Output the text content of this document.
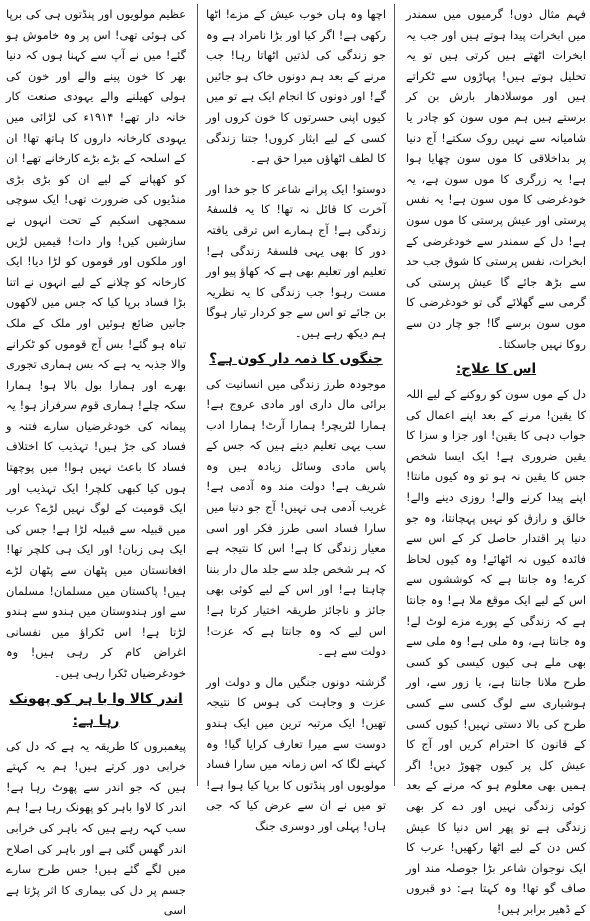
فہم مثال دوں! گرمیوں میں سمندر میں ابخرات پیدا ہوتے ہیں اور جب یہ ابخرات اٹھتے ہیں کرتی ہیں تو یہ تحلیل ہوتے ہیں! پہاڑوں سے ٹکراتے ہیں اور موسلادھار بارش بن کر برستے ہیں ہم موں سون کو چادر یا شامیانہ سے نہیں روک سکتے! آج دنیا پر بداخلاقی کا موں سون چھایا ہوا ہے! یہ زرگری کا موں سون ہے، یہ خودغرضی کا موں سون ہے! یہ نفس پرستی اور عیش پرستی کا موں سون ہے! دل کے سمندر سے خودغرضی کے ابخرات، نفس پرستی کا شوق جب حد سے بڑھ جائے گا عیش پرستی کی گرمی سے گھلائے گی تو خودغرضی کا موں سون برسے گا! جو چار دن سے روکا نہیں جاسکتا۔

اس کا علاج:

دل کے موں سون کو روکنے کے لیے اللہ کا یقین! مرنے کے بعد اپنے اعمال کی جواب دہی کا یقین! اور جزا و سزا کا یقین ضروری ہے! ایک ایسا شخص جس کا یقین نہ ہو تو وہ کیوں مانتا! اپنے پیدا کرنے والے! روزی دینے والے! خالق و رازق کو نہیں پہچانتا، وہ جو دنیا پر اقتدار حاصل کر کے اس سے فائدہ کیوں نہ اٹھائے! وہ کیوں لحاظ کرے! وہ جانتا ہے کہ کوششوں سے اس کے لیے ایک موقع ملا ہے! وہ جانتا ہے کہ زندگی کے پورے مزے لوٹ لے! وہ جانتا ہے، وہ ملی ہے! وہ ملی سے بھی ملے ہی کیوں کیسی کو کسی طرح ملانا جانتا ہے، یا زور سے، اور ہوشیاری سے لوگ کسی سے کسی طرح کی بالا دستی نہیں! کیوں کسی کے قانون کا احترام کریں اور آج کا عیش کل پر کیوں چھوڑ دیں! اگر ہمیں بھی معلوم ہو کہ مرنے کے بعد کوئی زندگی نہیں اور دے کر بھی زندگی ہے تو پھر اس دنیا کا عیش کس دن کے لیے اٹھا رکھیں! عرب کا ایک نوجوان شاعر بڑا جوصلہ مند اور صاف گو تھا! وہ کہتا ہے: دو قبروں کے ڈھیر برابر ہیں!

اچھا وہ ہاں خوب عیش کے مزے! اٹھا رکھی ہے! اگر کیا اور بڑا نامراد ہے وہ جو زندگی کی لذتیں اٹھاتا رہا! جب مرنے کے بعد ہم دونوں خاک ہو جائیں گے! اور دونوں کا انجام ایک ہے تو میں کیوں اپنی حسرتوں کا خون کروں اور کسی کے لیے ایثار کروں! جتنا زندگی کا لطف اٹھاؤں میرا حق ہے۔

دوستو! ایک پرانے شاعر کا جو خدا اور آخرت کا قائل نہ تھا! کا یہ فلسفۂ زندگی ہے! آج ہمارے اس ترقی یافتہ دور کا بھی یہی فلسفۂ زندگی ہے! تعلیم اور تعلیم بھی ہے کہ کھاؤ پیو اور مست رہو! جب زندگی کا یہ نظریہ بن جائے تو اس سے جو کردار تیار ہوگا ہم دیکھ رہے ہیں۔

جنگوں کا ذمہ دار کون ہے؟

موجودہ طرز زندگی میں انسانیت کی برائی مال داری اور مادی عروج ہے! ہمارا لٹریچر! ہمارا آرٹ! ہمارا ادب سب یہی تعلیم دیتے ہیں کہ جس کے پاس مادی وسائل زیادہ ہیں وہ شریف ہے! دولت مند وہ آدمی ہے! غریب آدمی ہی نہیں! آج جو دنیا میں سارا فساد اسی طرز فکر اور اسی معیار زندگی کا ہے! اس کا نتیجہ ہے کہ ہر شخص جلد سے جلد مال دار بننا چاہتا ہے! اور اس کے لیے کوئی بھی جائز و ناجائز طریقہ اختیار کرتا ہے! اس لیے کہ وہ جانتا ہے کہ عزت! دولت سے ہے۔

گزشتہ دونوں جنگیں مال و دولت اور عزت و وجاہت کی ہوس کا نتیجہ تھیں! ایک مرتبہ ترین میں ایک ہندو دوست سے میرا تعارف کرایا گیا! وہ کہنے لگا کہ اس زمانہ میں سارا فساد مولویوں اور پنڈتوں کا برپا کیا ہوا ہے! تو میں نے ان سے عرض کیا کہ جی ہاں! پہلی اور دوسری جنگ

عظیم مولویوں اور پنڈتوں ہی کی برپا کی ہوئی تھی! اس پر وہ خاموش ہو گئے! میں نے آپ سے کہنا ہوں کہ دنیا بھر کا خون پینے والے اور خون کی ہولی کھیلنے والے یہودی صنعت کار خانہ دار تھے! ۱۹۱۴ء کی لڑائی میں یہودی کارخانہ داروں کا ہاتھ تھا! ان کے اسلحہ کے بڑے بڑے کارخانے تھے! ان کو کھپانے کے لیے ان کو بڑی بڑی منڈیوں کی ضرورت تھی! ایک سوچی سمجھی اسکیم کے تحت انہوں نے سازشیں کیں! وار دات! قیمیں لڑیں اور ملکوں اور قوموں کو لڑا دیا! ایک کارخانہ کو چلانے کے لیے انہوں نے اتنا بڑا فساد برپا کیا کہ جس میں لاکھوں جانیں ضائع ہوئیں اور ملک کے ملک تباہ ہو گئے! بس آج قوموں کو ٹکرانے والا جذبہ یہ ہے کہ بس ہماری تجوری بھرے اور ہمارا بول بالا ہو! ہمارا سکہ چلے! ہماری قوم سرفراز ہو! یہ پیمانہ کی خودغرضیاں سارے فتنہ و فساد کی جڑ ہیں! تہذیب کا اختلاف فساد کا باعث نہیں ہوا! میں پوچھتا ہوں کیا کبھی کلچر! ایک تہذیب اور ایک قومیت کے لوگ نہیں لڑے؟ عرب میں قبیلہ سے قبیلہ لڑا ہے! جس کی ایک ہی زبان! اور ایک ہی کلچر تھا! افغانستان میں پٹھان سے پٹھان لڑے ہیں! پاکستان میں مسلمان! مسلمان سے اور ہندوستان میں ہندو سے ہندو لڑتا ہے! اس ٹکراؤ میں نفسانی اغراض کام کر رہی ہیں! وہ خودغرضیاں ٹکرا رہی ہیں۔

اندر کالا وا با ہر کو پھونک رہا ہے:

پیغمبروں کا طریقہ یہ ہے کہ دل کی خرابی دور کرتے ہیں! ہم یہ کہتے ہیں کہ جو اندر سے پھوٹ رہا ہے! اندر کا لاوا باہر کو پھونک رہا ہے! ہم سب کہہ رہے ہیں کہ باہر کی خرابی اندر گھس گئی ہے اور باہر کی اصلاح میں لگے گئے ہیں! جس طرح سارے جسم پر دل کی بیماری کا اثر پڑتا ہے اسی
